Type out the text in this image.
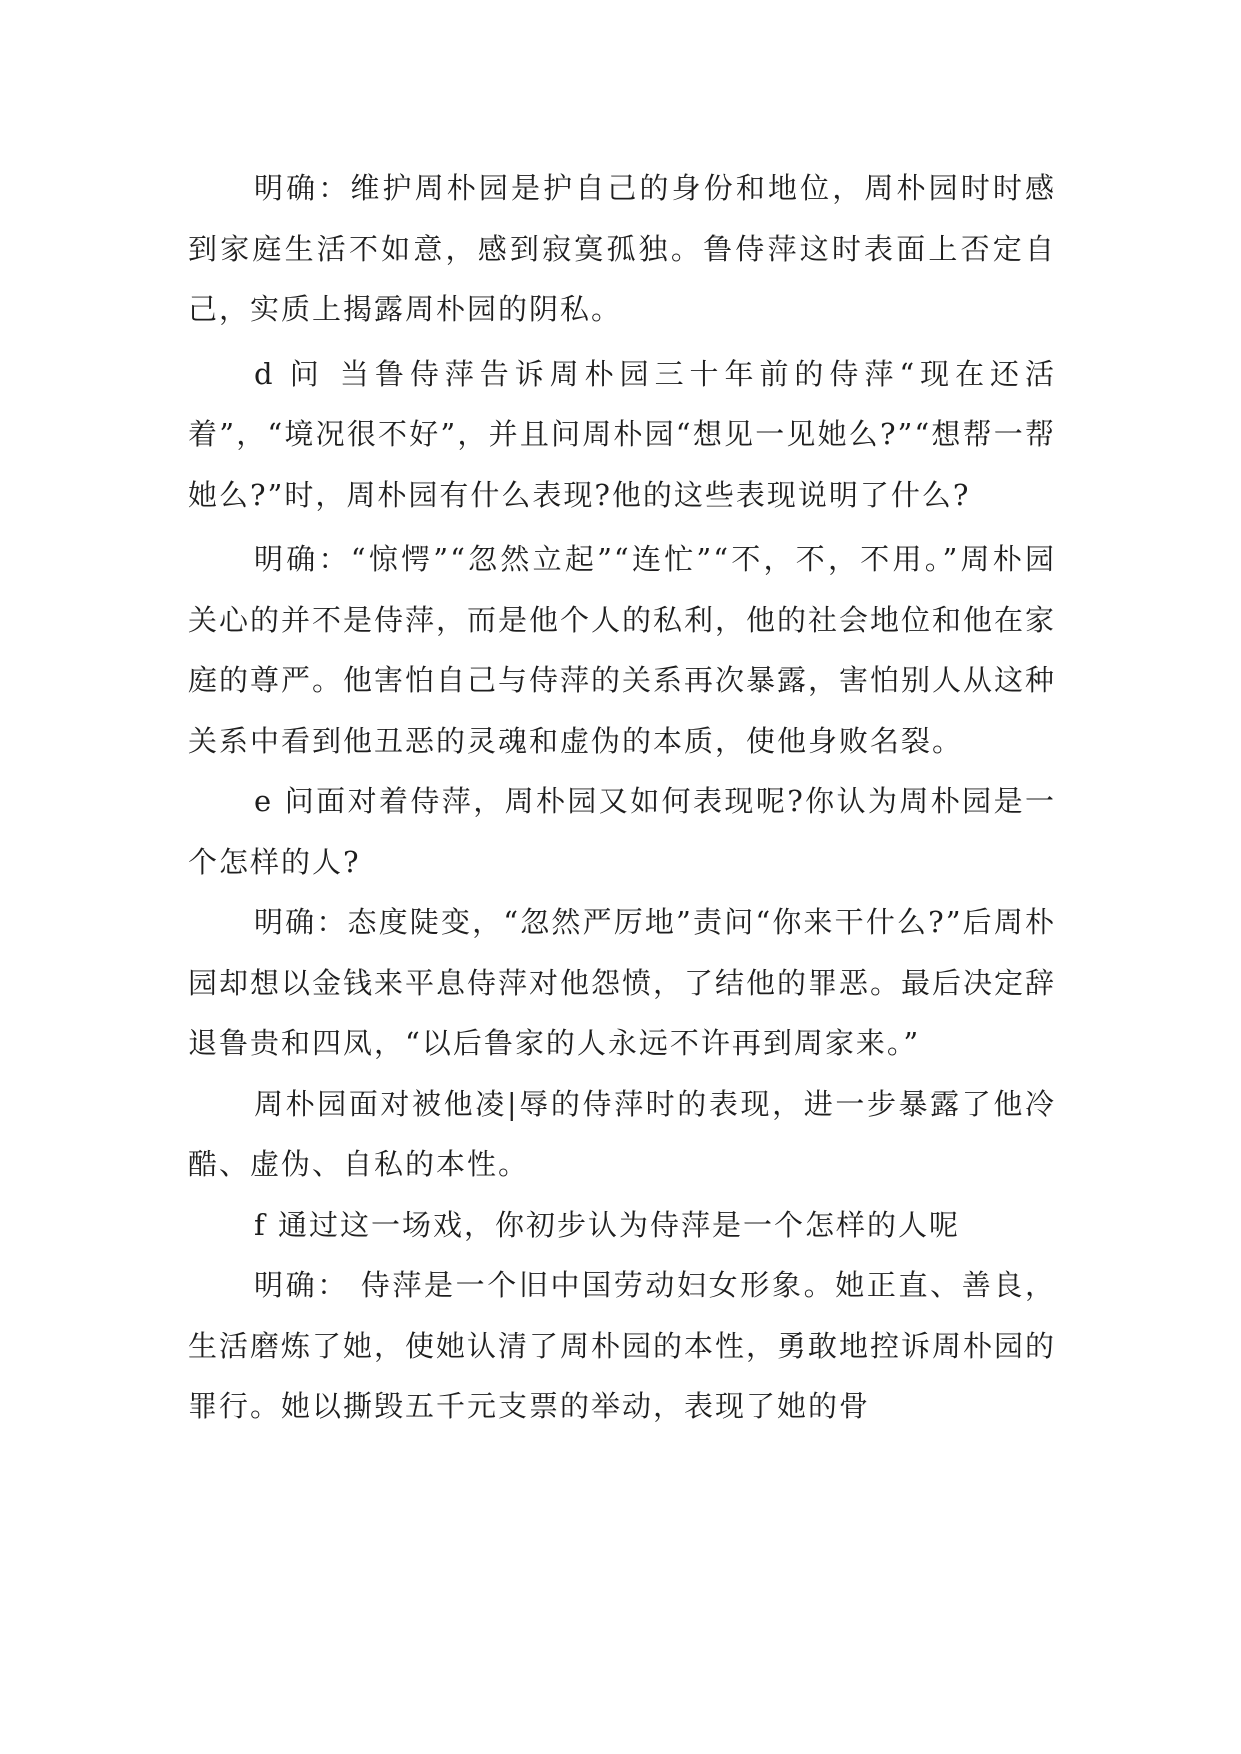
明确：维护周朴园是护自己的身份和地位，周朴园时时感到家庭生活不如意，感到寂寞孤独。鲁侍萍这时表面上否定自己，实质上揭露周朴园的阴私。

d 问 当鲁侍萍告诉周朴园三十年前的侍萍“现在还活着”，“境况很不好”，并且问周朴园“想见一见她么?”“想帮一帮她么?”时，周朴园有什么表现?他的这些表现说明了什么?

明确：“惊愕”“忽然立起”“连忙”“不，不，不用。”周朴园关心的并不是侍萍，而是他个人的私利，他的社会地位和他在家庭的尊严。他害怕自己与侍萍的关系再次暴露，害怕别人从这种关系中看到他丑恶的灵魂和虚伪的本质，使他身败名裂。

e 问面对着侍萍，周朴园又如何表现呢?你认为周朴园是一个怎样的人?

明确：态度陡变，“忽然严厉地”责问“你来干什么?”后周朴园却想以金钱来平息侍萍对他怨愤，了结他的罪恶。最后决定辞退鲁贵和四凤，“以后鲁家的人永远不许再到周家来。”

周朴园面对被他凌|辱的侍萍时的表现，进一步暴露了他冷酷、虚伪、自私的本性。

f 通过这一场戏，你初步认为侍萍是一个怎样的人呢

明确： 侍萍是一个旧中国劳动妇女形象。她正直、善良，生活磨炼了她，使她认清了周朴园的本性，勇敢地控诉周朴园的罪行。她以撕毁五千元支票的举动，表现了她的骨
